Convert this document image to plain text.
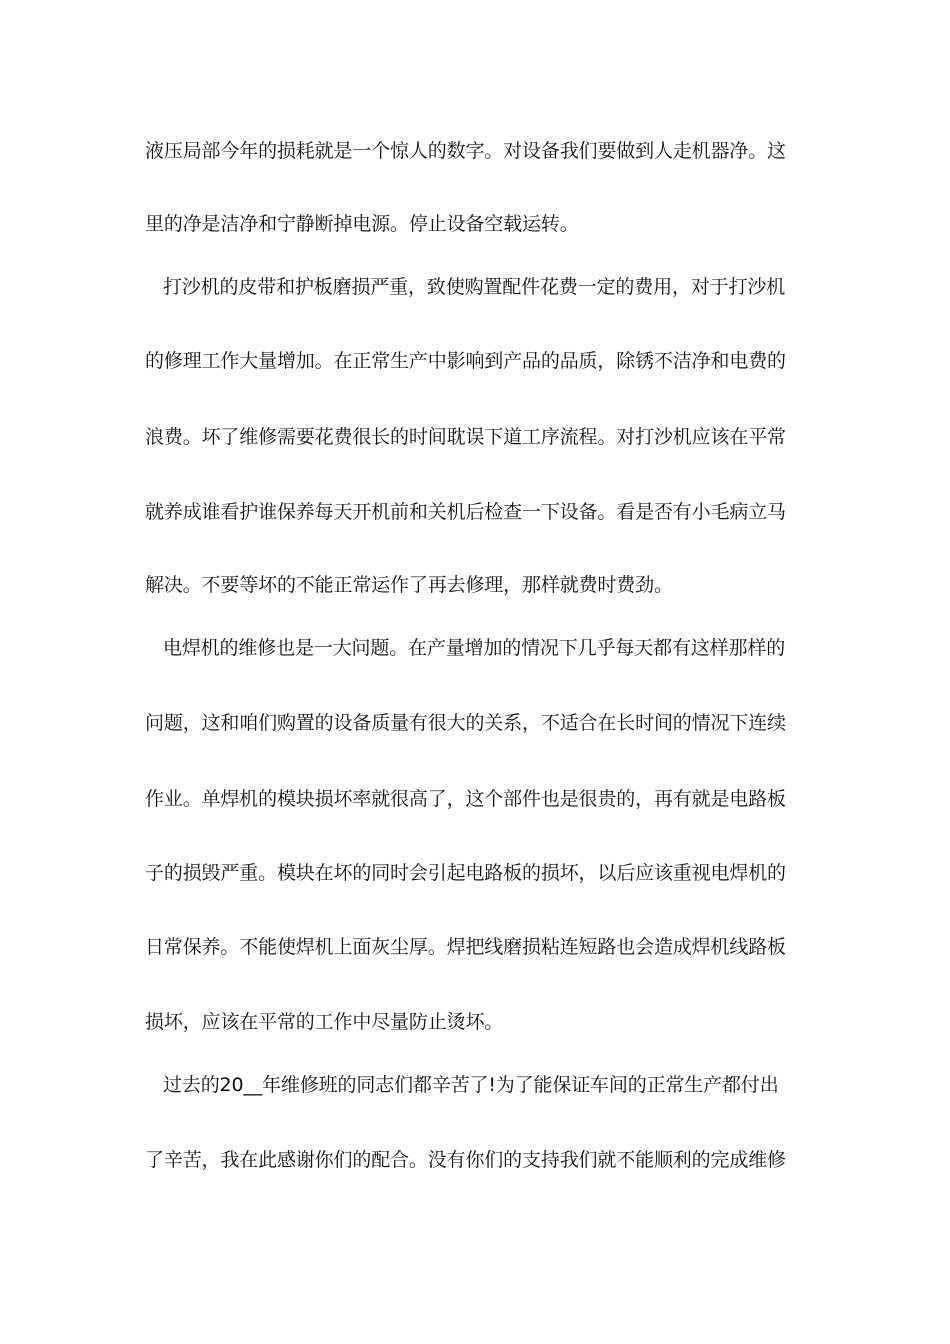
液压局部今年的损耗就是一个惊人的数字。对设备我们要做到人走机器净。这
里的净是洁净和宁静断掉电源。停止设备空载运转。
打沙机的皮带和护板磨损严重，致使购置配件花费一定的费用，对于打沙机
的修理工作大量增加。在正常生产中影响到产品的品质，除锈不洁净和电费的
浪费。坏了维修需要花费很长的时间耽误下道工序流程。对打沙机应该在平常
就养成谁看护谁保养每天开机前和关机后检查一下设备。看是否有小毛病立马
解决。不要等坏的不能正常运作了再去修理，那样就费时费劲。
电焊机的维修也是一大问题。在产量增加的情况下几乎每天都有这样那样的
问题，这和咱们购置的设备质量有很大的关系，不适合在长时间的情况下连续
作业。单焊机的模块损坏率就很高了，这个部件也是很贵的，再有就是电路板
子的损毁严重。模块在坏的同时会引起电路板的损坏，以后应该重视电焊机的
日常保养。不能使焊机上面灰尘厚。焊把线磨损粘连短路也会造成焊机线路板
损坏，应该在平常的工作中尽量防止烫坏。
过去的20__年维修班的同志们都辛苦了!为了能保证车间的正常生产都付出
了辛苦，我在此感谢你们的配合。没有你们的支持我们就不能顺利的完成维修
